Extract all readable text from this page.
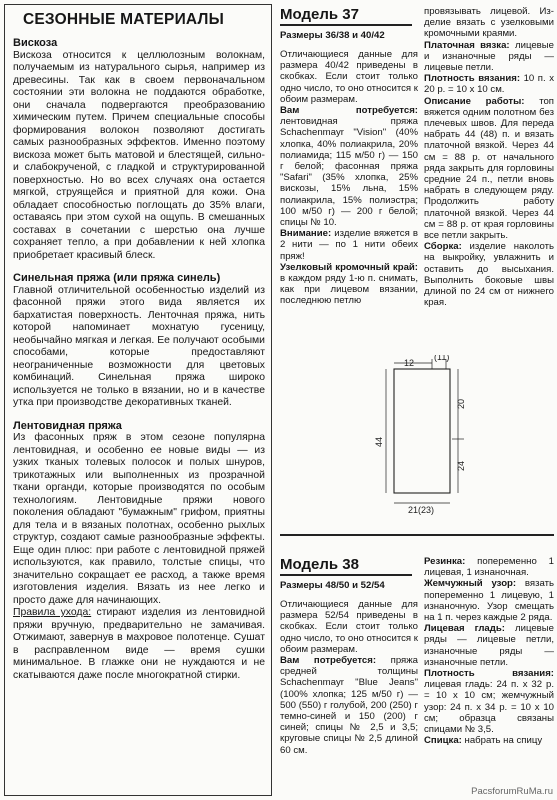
СЕЗОННЫЕ МАТЕРИАЛЫ
Вискоза

Вискоза относится к целлюлозным волокнам, получаемым из натурального сырья, например из древесины. Так как в своем первоначальном состоянии эти волокна не поддаются обработке, они сначала подвергаются преобразованию химическим путем. Причем специальные способы формирования волокон позволяют достигать самых разнообразных эффектов. Именно поэтому вискоза может быть матовой и блестящей, сильно- и слабокрученой, с гладкой и структурированной поверхностью. Но во всех случаях она остается мягкой, струящейся и приятной для кожи. Она обладает способностью поглощать до 35% влаги, оставаясь при этом сухой на ощупь. В смешанных составах в сочетании с шерстью она лучше сохраняет тепло, а при добавлении к ней хлопка приобретает красивый блеск.

Синельная пряжа (или пряжа синель)

Главной отличительной особенностью изделий из фасонной пряжи этого вида является их бархатистая поверхность. Ленточная пряжа, нить которой напоминает мохнатую гусеницу, необычайно мягкая и легкая. Ее получают особыми способами, которые предоставляют неограниченные возможности для цветовых комбинаций. Синельная пряжа широко используется не только в вязании, но и в качестве утка при производстве декоративных тканей.

Лентовидная пряжа

Из фасонных пряж в этом сезоне популярна лентовидная, и особенно ее новые виды — из узких тканых толевых полосок и полых шнуров, трикотажных или выполненных из прозрачной ткани органди, которые производятся по особым технологиям. Лентовидные пряжи нового поколения обладают "бумажным" грифом, приятны для тела и в вязаных полотнах, особенно рыхлых структур, создают самые разнообразные эффекты. Еще один плюс: при работе с лентовидной пряжей используются, как правило, толстые спицы, что значительно сокращает ее расход, а также время изготовления изделия. Вязать из нее легко и просто даже для начинающих.

Правила ухода: стирают изделия из лентовидной пряжи вручную, предварительно не замачивая. Отжимают, завернув в махровое полотенце. Сушат в расправленном виде — время сушки минимальное. В глажке они не нуждаются и не скатываются даже после многократной стирки.

Модель 37
Размеры 36/38 и 40/42

Отличающиеся данные для размера 40/42 приведены в скобках. Если стоит только одно число, то оно относится к обоим размерам.

Вам потребуется: лентовидная пряжа Schachenmayr "Vision" (40% хлопка, 40% полиакрила, 20% полиамида; 115 м/50 г) — 150 г белой; фасонная пряжа "Safari" (35% хлопка, 25% вискозы, 15% льна, 15% полиакрила, 15% полиэстра; 100 м/50 г) — 200 г белой; спицы № 10.

Внимание: изделие вяжется в 2 нити — по 1 нити обеих пряж!

Узелковый кромочный край: в каждом ряду 1-ю п. снимать, как при лицевом вязании, последнюю петлю

провязывать лицевой. Из-делие вязать с узелковыми кромочными краями.

Платочная вязка: лицевые и изнаночные ряды — лицевые петли.

Плотность вязания: 10 п. x 20 р. = 10 x 10 см.

Описание работы: топ вяжется одним полотном без плечевых швов. Для переда набрать 44 (48) п. и вязать платочной вязкой. Через 44 см = 88 р. от начального ряда закрыть для горловины средние 24 п., петли вновь набрать в следующем ряду. Продолжить работу платочной вязкой. Через 44 см = 88 р. от края горловины все петли закрыть.

Сборка: изделие наколоть на выкройку, увлажнить и оставить до высыхания. Выполнить боковые швы длиной по 24 см от нижнего края.

12
(11)
44
20
24
21(23)
Модель 38
Размеры 48/50 и 52/54

Отличающиеся данные для размера 52/54 приведены в скобках. Если стоит только одно число, то оно относится к обоим размерам.

Вам потребуется: пряжа средней толщины Schachenmayr "Blue Jeans" (100% хлопка; 125 м/50 г) — 500 (550) г голубой, 200 (250) г темно-синей и 150 (200) г синей; спицы № 2,5 и 3,5; круговые спицы № 2,5 длиной 60 см.

Резинка: попеременно 1 лицевая, 1 изнаночная.

Жемчужный узор: вязать попеременно 1 лицевую, 1 изнаночную. Узор смещать на 1 п. через каждые 2 ряда.

Лицевая гладь: лицевые ряды — лицевые петли, изнаночные ряды — изнаночные петли.

Плотность вязания: лицевая гладь: 24 п. x 32 р. = 10 x 10 см; жемчужный узор: 24 п. x 34 р. = 10 x 10 см; образца связаны спицами № 3,5.

Спицка: набрать на спицу

PacsforumRuMa.ru
